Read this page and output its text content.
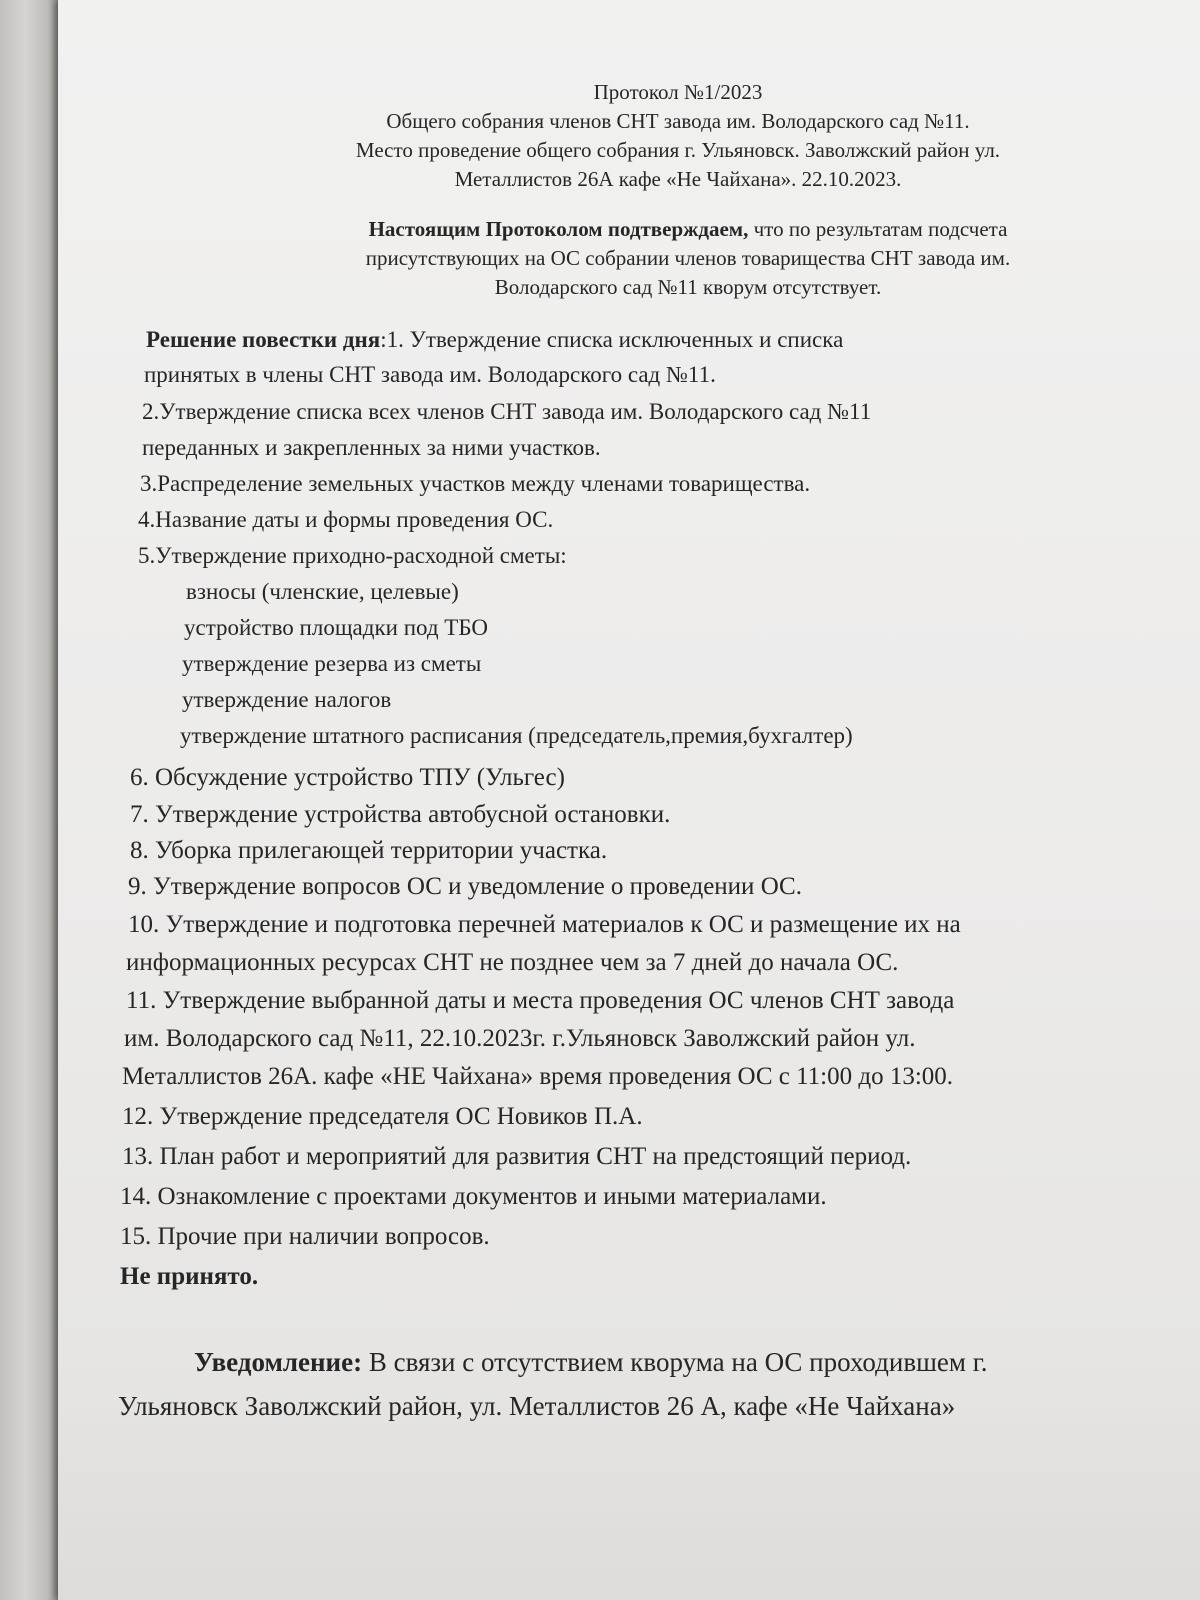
Протокол №1/2023
Общего собрания членов СНТ завода им. Володарского сад №11.
Место проведение общего собрания г. Ульяновск. Заволжский район ул.
Металлистов 26А кафе «Не Чайхана». 22.10.2023.
Настоящим Протоколом подтверждаем, что по результатам подсчета
присутствующих на ОС собрании членов товарищества СНТ завода им.
Володарского сад №11 кворум отсутствует.
Решение повестки дня:1. Утверждение списка исключенных и списка
принятых в члены СНТ завода им. Володарского сад №11.
2.Утверждение списка всех членов СНТ завода им. Володарского сад №11
переданных и закрепленных за ними участков.
3.Распределение земельных участков между членами товарищества.
4.Название даты и формы проведения ОС.
5.Утверждение приходно-расходной сметы:
взносы (членские, целевые)
устройство площадки под ТБО
утверждение резерва из сметы
утверждение налогов
утверждение штатного расписания (председатель,премия,бухгалтер)
6. Обсуждение устройство ТПУ (Ульгес)
7. Утверждение устройства автобусной остановки.
8. Уборка прилегающей территории участка.
9. Утверждение вопросов ОС и уведомление о проведении ОС.
10. Утверждение и подготовка перечней материалов к ОС и размещение их на
информационных ресурсах СНТ не позднее чем за 7 дней до начала ОС.
11. Утверждение выбранной даты и места проведения ОС членов СНТ завода
им. Володарского сад №11, 22.10.2023г. г.Ульяновск Заволжский район ул.
Металлистов 26А. кафе «НЕ Чайхана» время проведения ОС с 11:00 до 13:00.
12. Утверждение председателя ОС Новиков П.А.
13. План работ и мероприятий для развития СНТ на предстоящий период.
14. Ознакомление с проектами документов и иными материалами.
15. Прочие при наличии вопросов.
Не принято.
Уведомление: В связи с отсутствием кворума на ОС проходившем г.
Ульяновск Заволжский район, ул. Металлистов 26 А, кафе «Не Чайхана»
